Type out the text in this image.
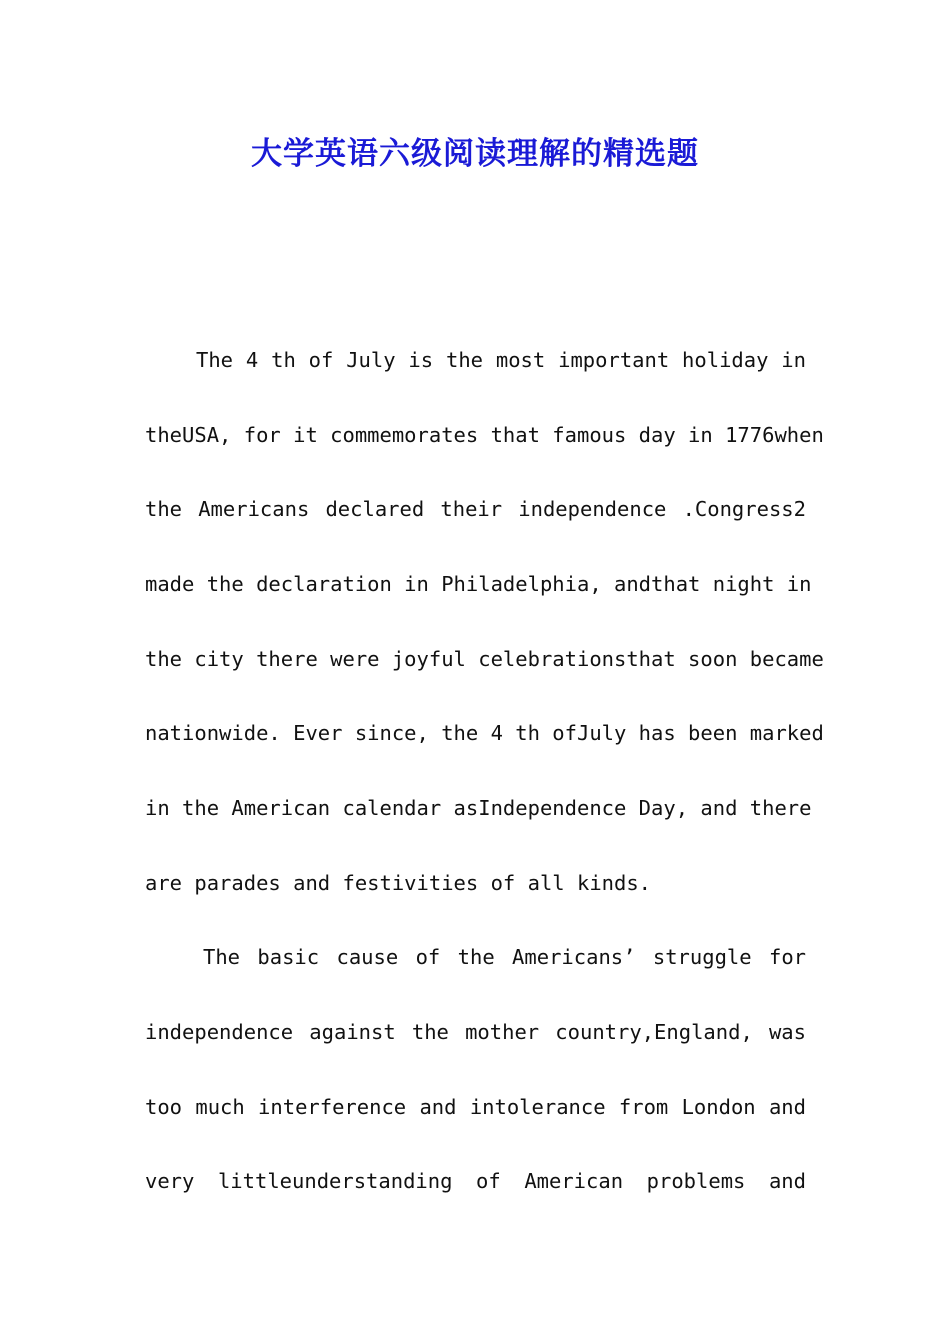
大学英语六级阅读理解的精选题
The 4 th of July is the most important holiday in
theUSA, for it commemorates that famous day in 1776when
the Americans declared their independence .Congress2
made the declaration in Philadelphia, andthat night in
the city there were joyful celebrationsthat soon became
nationwide. Ever since, the 4 th ofJuly has been marked
in the American calendar asIndependence Day, and there
are parades and festivities of all kinds.
The basic cause of the Americans’ struggle for
independence against the mother country,England, was
too much interference and intolerance from London and
very littleunderstanding of American problems and
